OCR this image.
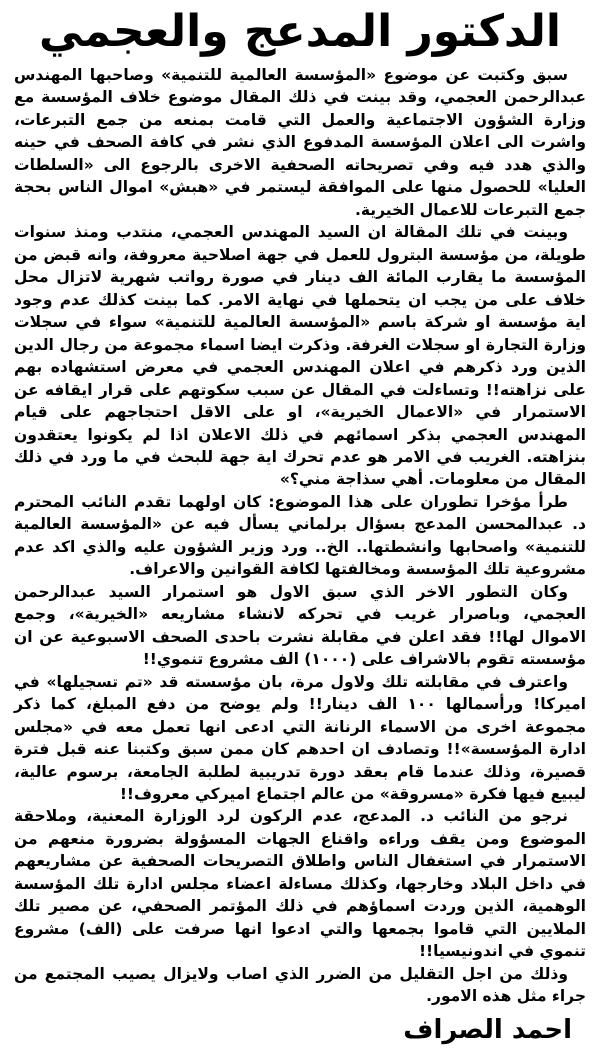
الدكتور المدعج والعجمي

سبق وكتبت عن موضوع «المؤسسة العالمية للتنمية» وصاحبها المهندس عبدالرحمن العجمي، وقد بينت في ذلك المقال موضوع خلاف المؤسسة مع وزارة الشؤون الاجتماعية والعمل التي قامت بمنعه من جمع التبرعات، واشرت الى اعلان المؤسسة المدفوع الذي نشر في كافة الصحف في حينه والذي هدد فيه وفي تصريحاته الصحفية الاخرى بالرجوع الى «السلطات العليا» للحصول منها على الموافقة ليستمر في «هبش» اموال الناس بحجة جمع التبرعات للاعمال الخيرية.

وبينت في تلك المقالة ان السيد المهندس العجمي، منتدب ومنذ سنوات طويلة، من مؤسسة البترول للعمل في جهة اصلاحية معروفة، وانه قبض من المؤسسة ما يقارب المائة الف دينار في صورة رواتب شهرية لاتزال محل خلاف على من يجب ان يتحملها في نهاية الامر. كما بينت كذلك عدم وجود اية مؤسسة او شركة باسم «المؤسسة العالمية للتنمية» سواء في سجلات وزارة التجارة او سجلات الغرفة. وذكرت ايضا اسماء مجموعة من رجال الدين الذين ورد ذكرهم في اعلان المهندس العجمي في معرض استشهاده بهم على نزاهته!! وتساءلت في المقال عن سبب سكوتهم على قرار ايقافه عن الاستمرار في «الاعمال الخيرية»، او على الاقل احتجاجهم على قيام المهندس العجمي بذكر اسمائهم في ذلك الاعلان اذا لم يكونوا يعتقدون بنزاهته. الغريب في الامر هو عدم تحرك اية جهة للبحث في ما ورد في ذلك المقال من معلومات. أهي سذاجة مني؟»

طرأ مؤخرا تطوران على هذا الموضوع: كان اولهما تقدم النائب المحترم د. عبدالمحسن المدعج بسؤال برلماني يسأل فيه عن «المؤسسة العالمية للتنمية» واصحابها وانشطتها.. الخ.. ورد وزير الشؤون عليه والذي اكد عدم مشروعية تلك المؤسسة ومخالفتها لكافة القوانين والاعراف.

وكان التطور الاخر الذي سبق الاول هو استمرار السيد عبدالرحمن العجمي، وباصرار غريب في تحركه لانشاء مشاريعه «الخيرية»، وجمع الاموال لها!! فقد اعلن في مقابلة نشرت باحدى الصحف الاسبوعية عن ان مؤسسته تقوم بالاشراف على (١٠٠٠) الف مشروع تنموي!!

واعترف في مقابلته تلك ولاول مرة، بان مؤسسته قد «تم تسجيلها» في اميركا! ورأسمالها ١٠٠ الف دينار!! ولم يوضح من دفع المبلغ، كما ذكر مجموعة اخرى من الاسماء الرنانة التي ادعى انها تعمل معه في «مجلس ادارة المؤسسة»!! وتصادف ان احدهم كان ممن سبق وكتبنا عنه قبل فترة قصيرة، وذلك عندما قام بعقد دورة تدريبية لطلبة الجامعة، برسوم عالية، ليبيع فيها فكرة «مسروقة» من عالم اجتماع اميركي معروف!!

نرجو من النائب د. المدعج، عدم الركون لرد الوزارة المعنية، وملاحقة الموضوع ومن يقف وراءه واقناع الجهات المسؤولة بضرورة منعهم من الاستمرار في استغفال الناس واطلاق التصريحات الصحفية عن مشاريعهم في داخل البلاد وخارجها، وكذلك مساءلة اعضاء مجلس ادارة تلك المؤسسة الوهمية، الذين وردت اسماؤهم في ذلك المؤتمر الصحفي، عن مصير تلك الملايين التي قاموا بجمعها والتي ادعوا انها صرفت على (الف) مشروع تنموي في اندونيسيا!!

وذلك من اجل التقليل من الضرر الذي اصاب ولايزال يصيب المجتمع من جراء مثل هذه الامور.

احمد الصراف
